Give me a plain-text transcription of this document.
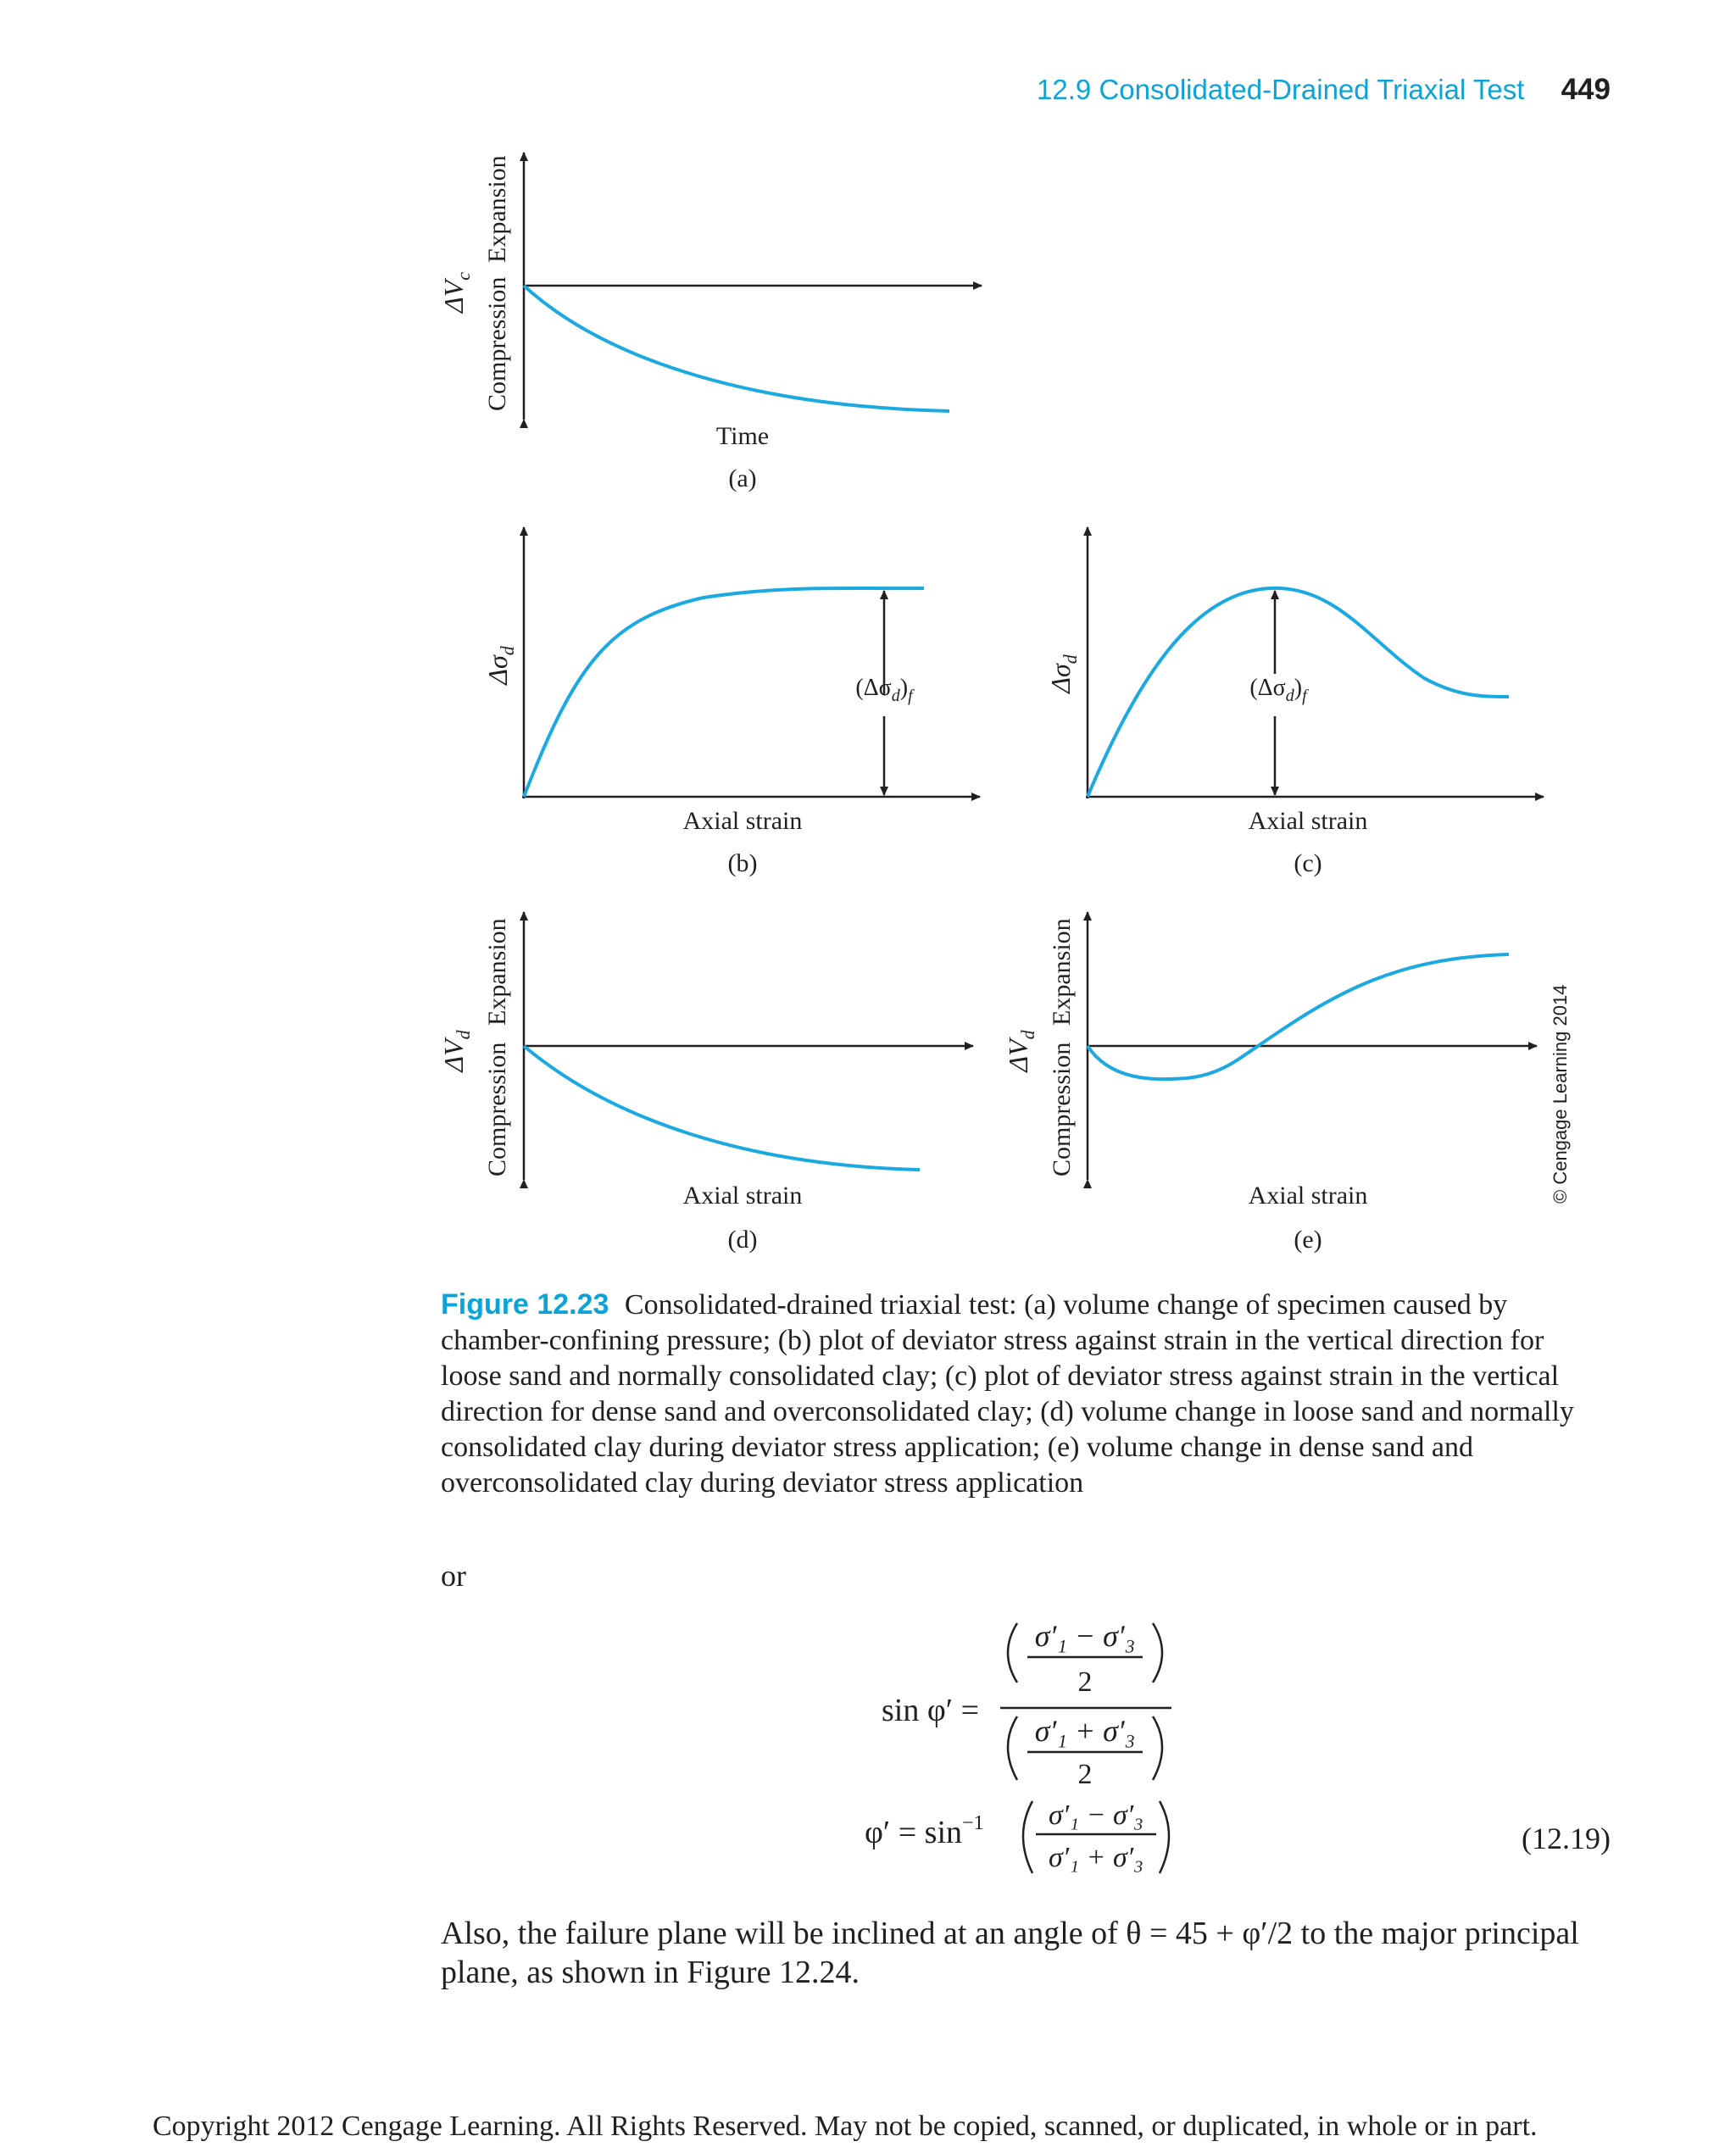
12.9 Consolidated-Drained Triaxial Test 449
$\Delta V_c$
Compression
Expansion
Time
(a)
$\Delta\sigma_d$
$(\Delta\sigma_d)_f$
Axial strain
(b)
$\Delta\sigma_d$
$(\Delta\sigma_d)_f$
Axial strain
(c)
$\Delta V_d$
Compression
Expansion
Axial strain
(d)
$\Delta V_d$
Compression
Expansion
Axial strain
(e)
© Cengage Learning 2014
Figure 12.23 Consolidated-drained triaxial test: (a) volume change of specimen caused by chamber-confining pressure; (b) plot of deviator stress against strain in the vertical direction for loose sand and normally consolidated clay; (c) plot of deviator stress against strain in the vertical direction for dense sand and overconsolidated clay; (d) volume change in loose sand and normally consolidated clay during deviator stress application; (e) volume change in dense sand and overconsolidated clay during deviator stress application
or
sin φ′ =
σ′₁ − σ′₃
2
σ′₁ + σ′₃
2
$\varphi' = \sin^{-1} \sigma'_1 - \sigma'_3$
σ′₁ + σ′₃
(12.19)
Also, the failure plane will be inclined at an angle of θ = 45 + φ′/2 to the major principal plane, as shown in Figure 12.24.
Copyright 2012 Cengage Learning. All Rights Reserved. May not be copied, scanned, or duplicated, in whole or in part.
